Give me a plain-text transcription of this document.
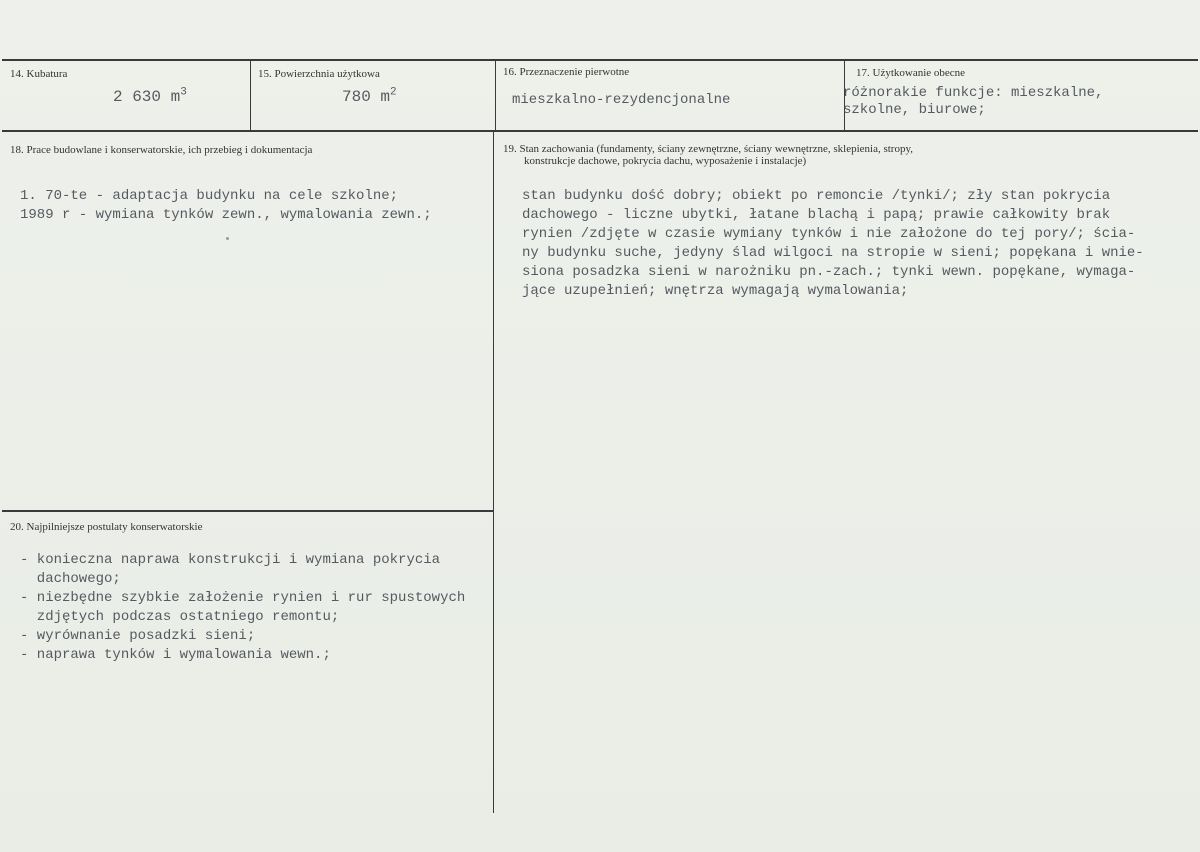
14. Kubatura
2 630 $m^3$
15. Powierzchnia użytkowa
780 $m^2$
16. Przeznaczenie pierwotne
mieszkalno-rezydencjonalne
17. Użytkowanie obecne
różnorakie funkcje: mieszkalne,
szkolne, biurowe;
18. Prace budowlane i konserwatorskie, ich przebieg i dokumentacja
1. 70-te - adaptacja budynku na cele szkolne;
1989 r - wymiana tynków zewn., wymalowania zewn.;
19. Stan zachowania (fundamenty, ściany zewnętrzne, ściany wewnętrzne, sklepienia, stropy,
konstrukcje dachowe, pokrycia dachu, wyposażenie i instalacje)
stan budynku dość dobry; obiekt po remoncie /tynki/; zły stan pokrycia
dachowego - liczne ubytki, łatane blachą i papą; prawie całkowity brak
rynien /zdjęte w czasie wymiany tynków i nie założone do tej pory/; ścia-
ny budynku suche, jedyny ślad wilgoci na stropie w sieni; popękana i wnie-
siona posadzka sieni w narożniku pn.-zach.; tynki wewn. popękane, wymaga-
jące uzupełnień; wnętrza wymagają wymalowania;
20. Najpilniejsze postulaty konserwatorskie
- konieczna naprawa konstrukcji i wymiana pokrycia
dachowego;
- niezbędne szybkie założenie rynien i rur spustowych
zdjętych podczas ostatniego remontu;
- wyrównanie posadzki sieni;
- naprawa tynków i wymalowania wewn.;
